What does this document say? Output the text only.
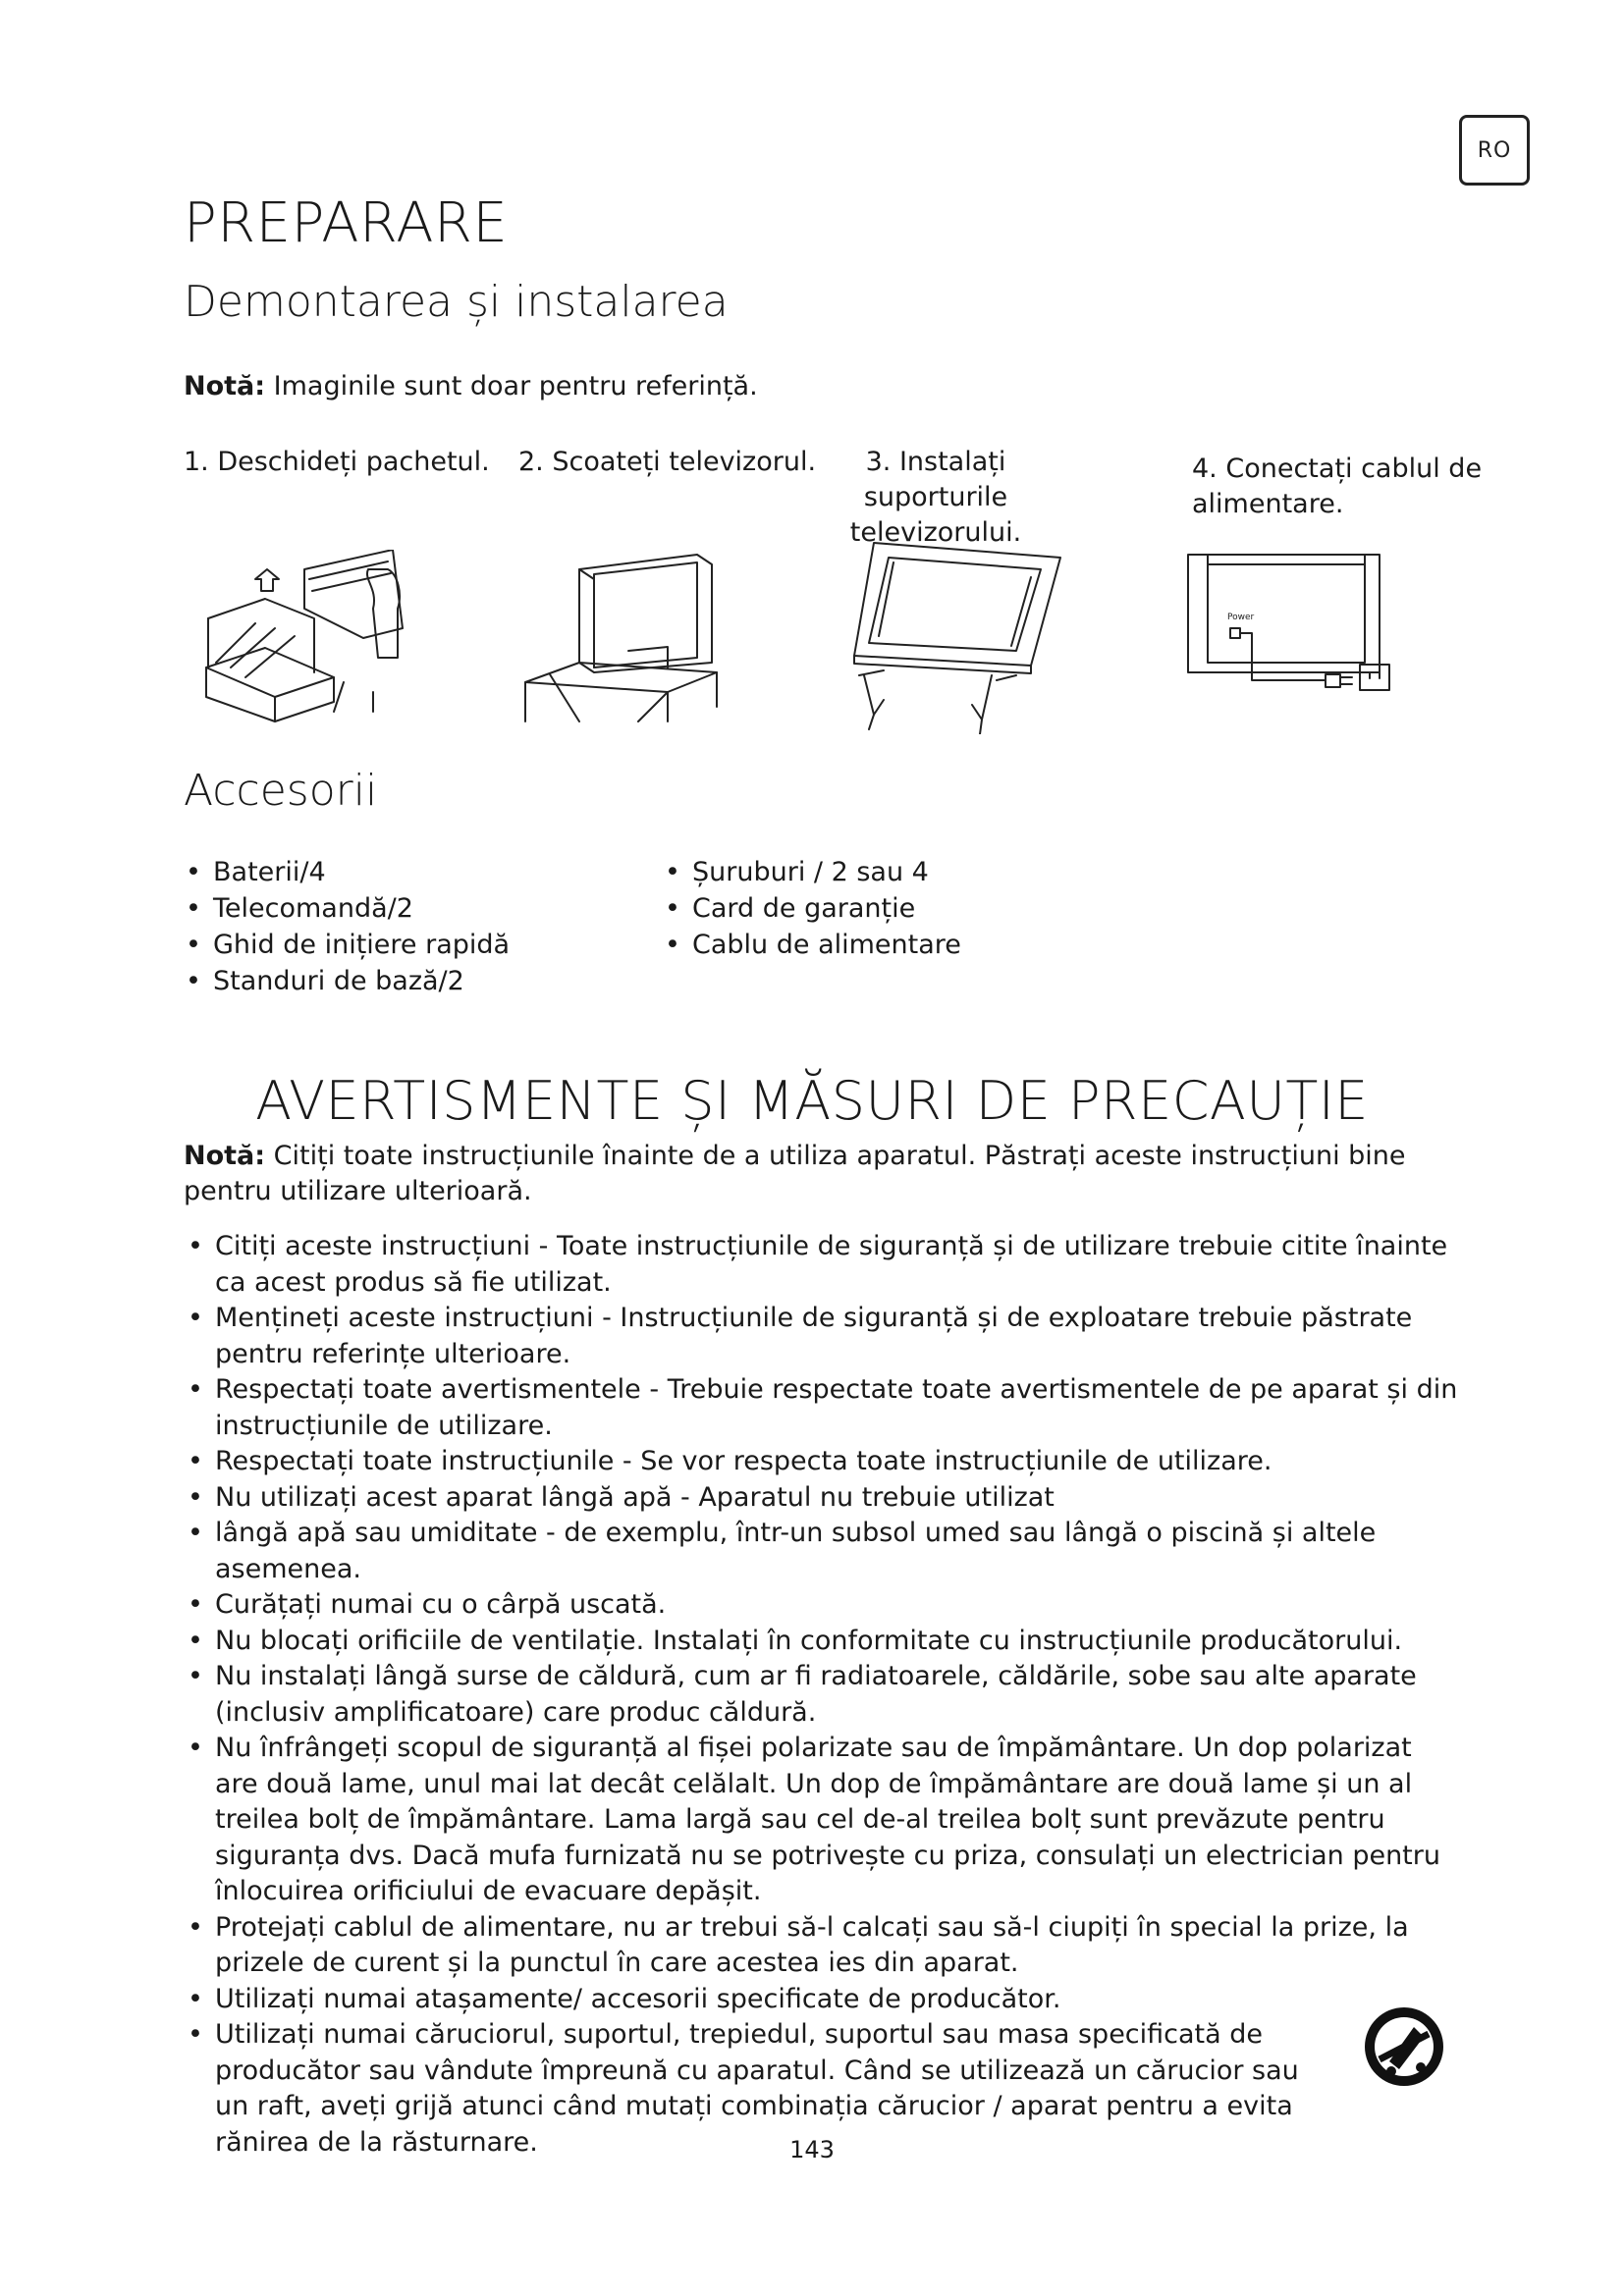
RO
PREPARARE
Demontarea și instalarea
Notă: Imaginile sunt doar pentru referință.
1. Deschideți pachetul. 2. Scoateți televizorul.	3. Instalați suporturile televizorului.
4. Conectați cablul de alimentare.
Power
Accesorii
• Baterii/4
• Telecomandă/2
• Ghid de inițiere rapidă
• Standuri de bază/2
• Șuruburi / 2 sau 4
• Card de garanție
• Cablu de alimentare
AVERTISMENTE ȘI MĂSURI DE PRECAUȚIE
Notă: Citiți toate instrucțiunile înainte de a utiliza aparatul. Păstrați aceste instrucțiuni bine pentru utilizare ulterioară.
• Citiți aceste instrucțiuni - Toate instrucțiunile de siguranță și de utilizare trebuie citite înainte ca acest produs să fie utilizat.
• Mențineți aceste instrucțiuni - Instrucțiunile de siguranță și de exploatare trebuie păstrate pentru referințe ulterioare.
• Respectați toate avertismentele - Trebuie respectate toate avertismentele de pe aparat și din instrucțiunile de utilizare.
• Respectați toate instrucțiunile - Se vor respecta toate instrucțiunile de utilizare.
• Nu utilizați acest aparat lângă apă - Aparatul nu trebuie utilizat
• lângă apă sau umiditate - de exemplu, într-un subsol umed sau lângă o piscină și altele asemenea.
• Curățați numai cu o cârpă uscată.
• Nu blocați orificiile de ventilație. Instalați în conformitate cu instrucțiunile producătorului.
• Nu instalați lângă surse de căldură, cum ar fi radiatoarele, căldările, sobe sau alte aparate (inclusiv amplificatoare) care produc căldură.
• Nu înfrângeți scopul de siguranță al fișei polarizate sau de împământare. Un dop polarizat are două lame, unul mai lat decât celălalt. Un dop de împământare are două lame și un al treilea bolț de împământare. Lama largă sau cel de-al treilea bolț sunt prevăzute pentru siguranța dvs. Dacă mufa furnizată nu se potrivește cu priza, consulați un electrician pentru înlocuirea orificiului de evacuare depășit.
• Protejați cablul de alimentare, nu ar trebui să-l calcați sau să-l ciupiți în special la prize, la prizele de curent și la punctul în care acestea ies din aparat.
• Utilizați numai atașamente/ accesorii specificate de producător.
• Utilizați numai căruciorul, suportul, trepiedul, suportul sau masa specificată de producător sau vândute împreună cu aparatul. Când se utilizează un cărucior sau un raft, aveți grijă atunci când mutați combinația cărucior / aparat pentru a evita rănirea de la răsturnare.	143
